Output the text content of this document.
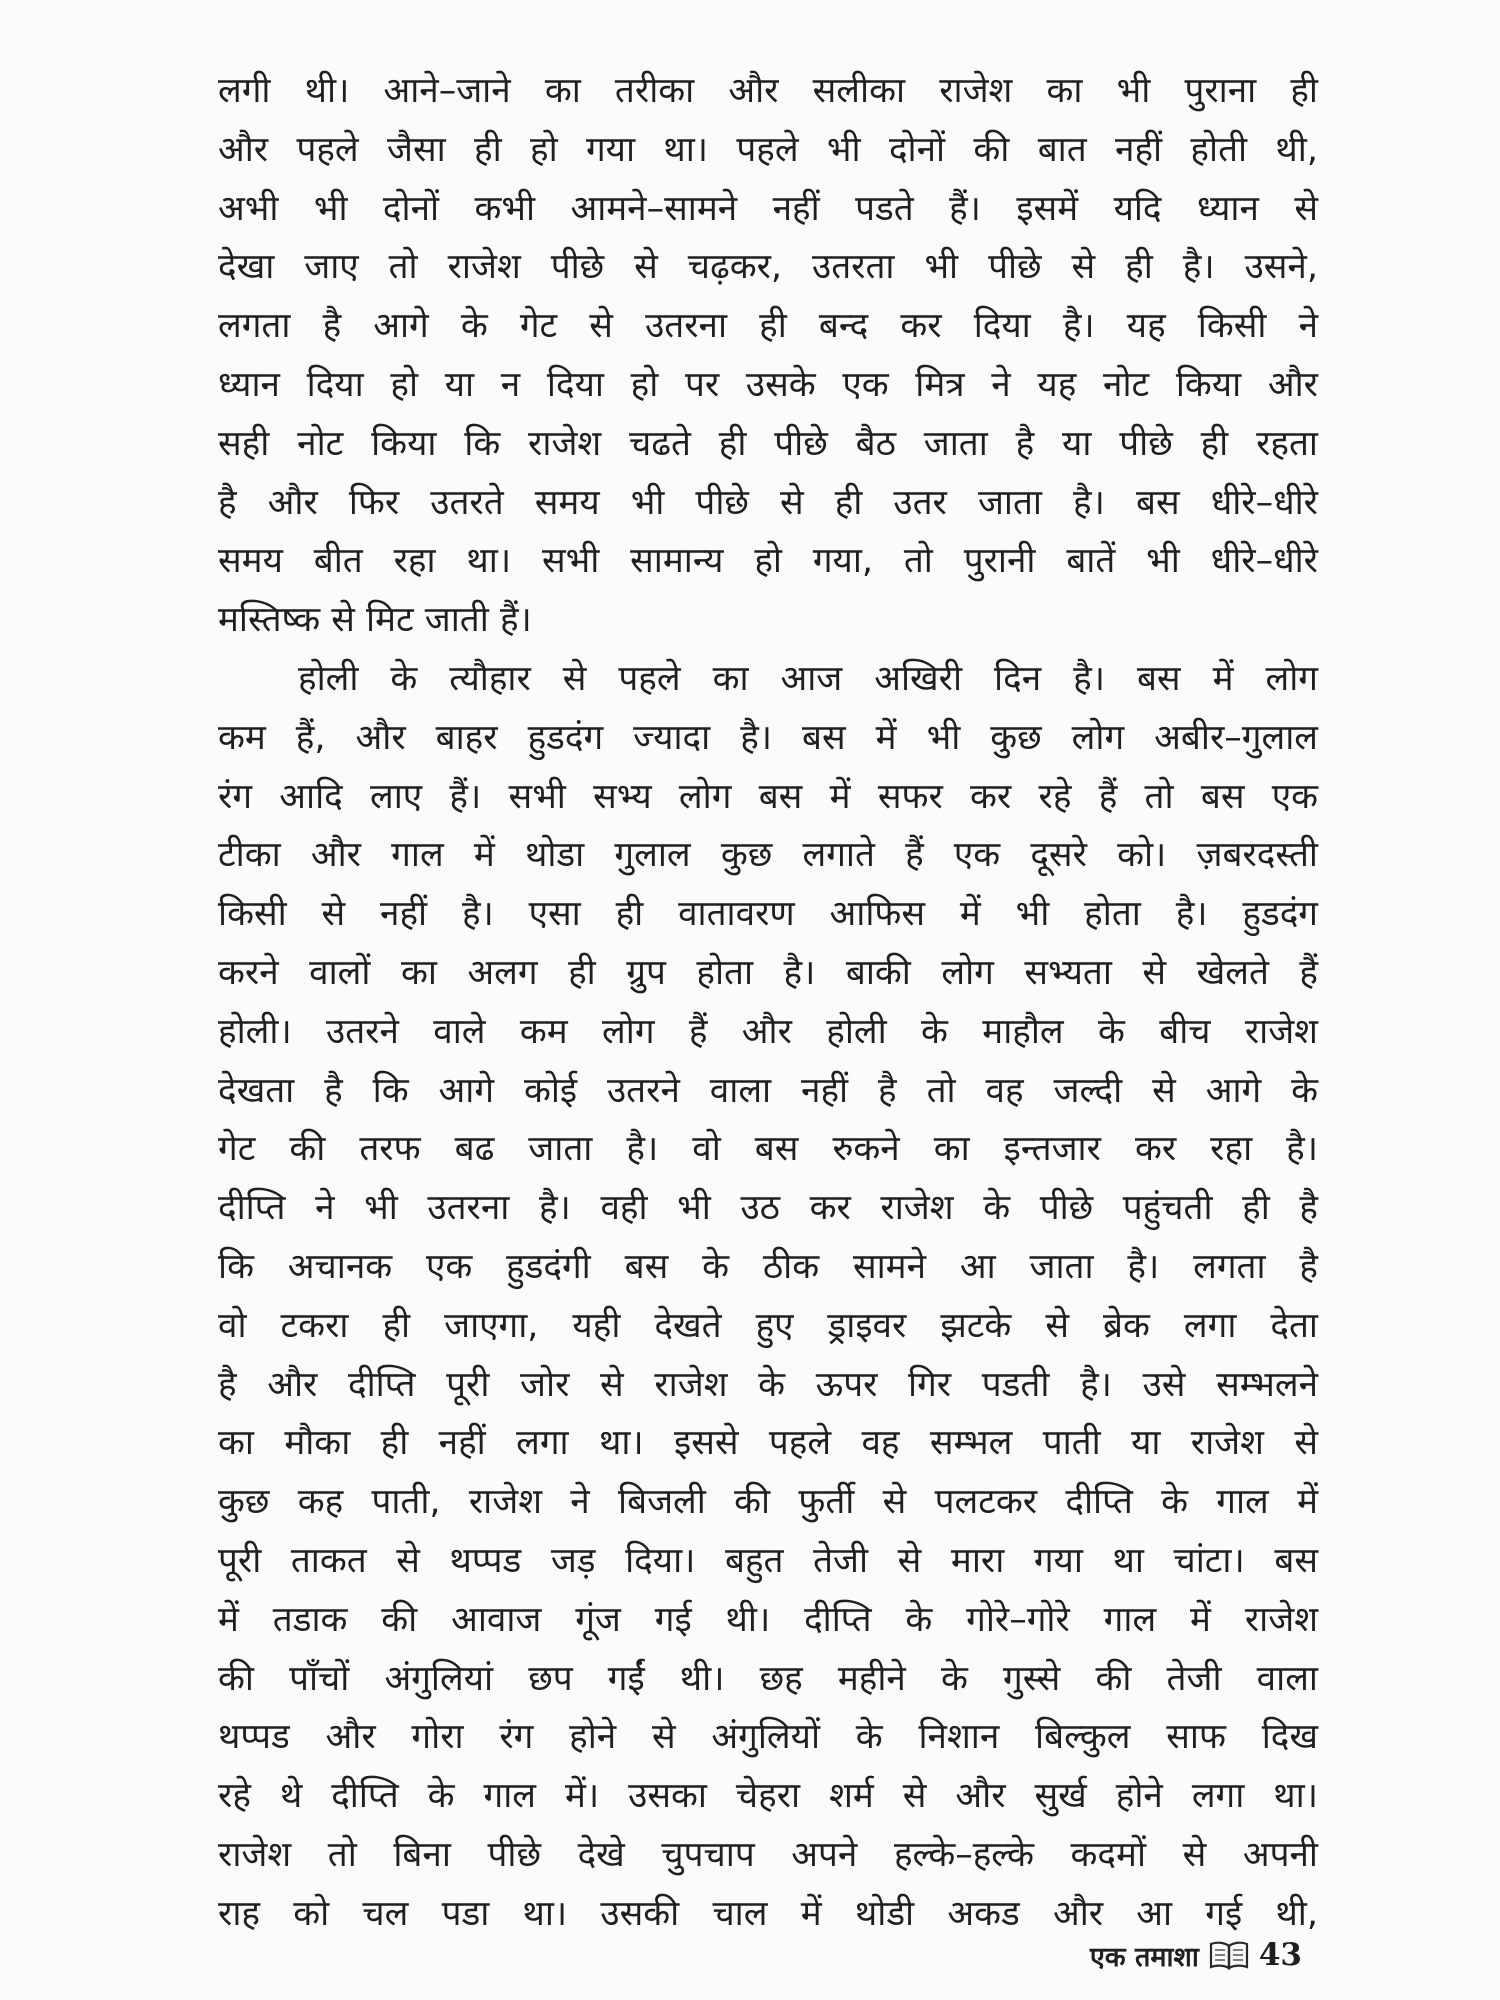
लगी थी। आने–जाने का तरीका और सलीका राजेश का भी पुराना ही
और पहले जैसा ही हो गया था। पहले भी दोनों की बात नहीं होती थी,
अभी भी दोनों कभी आमने–सामने नहीं पडते हैं। इसमें यदि ध्यान से
देखा जाए तो राजेश पीछे से चढ़कर, उतरता भी पीछे से ही है। उसने,
लगता है आगे के गेट से उतरना ही बन्द कर दिया है। यह किसी ने
ध्यान दिया हो या न दिया हो पर उसके एक मित्र ने यह नोट किया और
सही नोट किया कि राजेश चढते ही पीछे बैठ जाता है या पीछे ही रहता
है और फिर उतरते समय भी पीछे से ही उतर जाता है। बस धीरे–धीरे
समय बीत रहा था। सभी सामान्य हो गया, तो पुरानी बातें भी धीरे–धीरे
मस्तिष्क से मिट जाती हैं।
होली के त्यौहार से पहले का आज अखिरी दिन है। बस में लोग
कम हैं, और बाहर हुडदंग ज्यादा है। बस में भी कुछ लोग अबीर–गुलाल
रंग आदि लाए हैं। सभी सभ्य लोग बस में सफर कर रहे हैं तो बस एक
टीका और गाल में थोडा गुलाल कुछ लगाते हैं एक दूसरे को। ज़बरदस्ती
किसी से नहीं है। एसा ही वातावरण आफिस में भी होता है। हुडदंग
करने वालों का अलग ही ग्रुप होता है। बाकी लोग सभ्यता से खेलते हैं
होली। उतरने वाले कम लोग हैं और होली के माहौल के बीच राजेश
देखता है कि आगे कोई उतरने वाला नहीं है तो वह जल्दी से आगे के
गेट की तरफ बढ जाता है। वो बस रुकने का इन्तजार कर रहा है।
दीप्ति ने भी उतरना है। वही भी उठ कर राजेश के पीछे पहुंचती ही है
कि अचानक एक हुडदंगी बस के ठीक सामने आ जाता है। लगता है
वो टकरा ही जाएगा, यही देखते हुए ड्राइवर झटके से ब्रेक लगा देता
है और दीप्ति पूरी जोर से राजेश के ऊपर गिर पडती है। उसे सम्भलने
का मौका ही नहीं लगा था। इससे पहले वह सम्भल पाती या राजेश से
कुछ कह पाती, राजेश ने बिजली की फुर्ती से पलटकर दीप्ति के गाल में
पूरी ताकत से थप्पड जड़ दिया। बहुत तेजी से मारा गया था चांटा। बस
में तडाक की आवाज गूंज गई थी। दीप्ति के गोरे–गोरे गाल में राजेश
की पाँचों अंगुलियां छप गईं थी। छह महीने के गुस्से की तेजी वाला
थप्पड और गोरा रंग होने से अंगुलियों के निशान बिल्कुल साफ दिख
रहे थे दीप्ति के गाल में। उसका चेहरा शर्म से और सुर्ख होने लगा था।
राजेश तो बिना पीछे देखे चुपचाप अपने हल्के–हल्के कदमों से अपनी
राह को चल पडा था। उसकी चाल में थोडी अकड और आ गई थी,
एक तमाशा 43
